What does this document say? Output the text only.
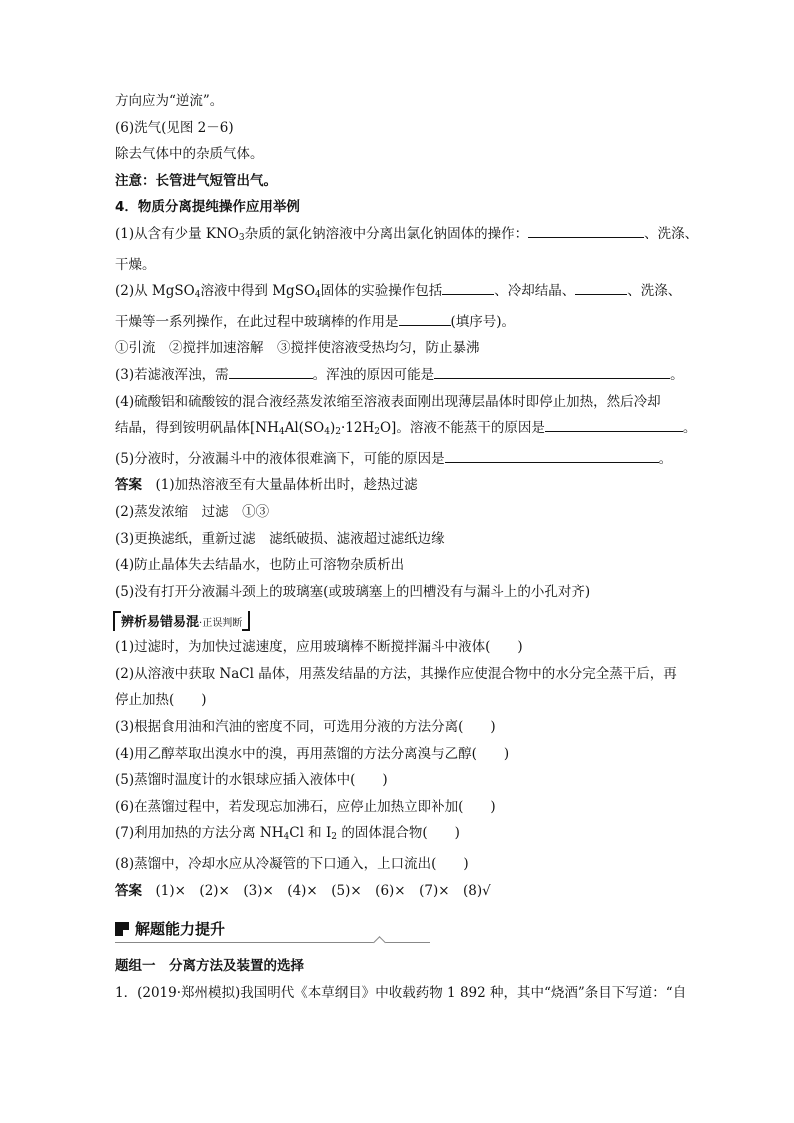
方向应为“逆流”。
(6)洗气(见图 2－6)
除去气体中的杂质气体。
注意：长管进气短管出气。
4．物质分离提纯操作应用举例
(1)从含有少量 $KNO_3$杂质的氯化钠溶液中分离出氯化钠固体的操作：	、洗涤、
干燥。
(2)从 MgSO$_4$溶液中得到 MgSO$_4$固体的实验操作包括	、冷却结晶、	、洗涤、
干燥等一系列操作，在此过程中玻璃棒的作用是	(填序号)。
①引流　②搅拌加速溶解　③搅拌使溶液受热均匀，防止暴沸
(3)若滤液浑浊，需	。浑浊的原因可能是	。
(4)硫酸铝和硫酸铵的混合液经蒸发浓缩至溶液表面刚出现薄层晶体时即停止加热，然后冷却
结晶，得到铵明矾晶体$[NH_4Al(SO_4)_2\cdot 12H_2O]$。溶液不能蒸干的原因是	。
(5)分液时，分液漏斗中的液体很难滴下，可能的原因是	。
答案　 (1)加热溶液至有大量晶体析出时，趁热过滤
(2)蒸发浓缩　过滤　①③
(3)更换滤纸，重新过滤　滤纸破损、滤液超过滤纸边缘
(4)防止晶体失去结晶水，也防止可溶物杂质析出
(5)没有打开分液漏斗颈上的玻璃塞(或玻璃塞上的凹槽没有与漏斗上的小孔对齐)
辨析易错易混·正误判断
(1)过滤时，为加快过滤速度，应用玻璃棒不断搅拌漏斗中液体(　　)
(2)从溶液中获取 NaCl 晶体，用蒸发结晶的方法，其操作应使混合物中的水分完全蒸干后，再
停止加热(　　)
(3)根据食用油和汽油的密度不同，可选用分液的方法分离(　　)
(4)用乙醇萃取出溴水中的溴，再用蒸馏的方法分离溴与乙醇(　　)
(5)蒸馏时温度计的水银球应插入液体中(　　)
(6)在蒸馏过程中，若发现忘加沸石，应停止加热立即补加(　　)
(7)利用加热的方法分离 $NH_4Cl$ 和 $I_2$ 的固体混合物(　　)
(8)蒸馏中，冷却水应从冷凝管的下口通入，上口流出(　　)
答案　 (1)×　(2)×　(3)×　(4)×　(5)×　(6)×　(7)×　(8)√
解题能力提升
题组一　分离方法及装置的选择
1．(2019·郑州模拟)我国明代《本草纲目》中收载药物 1 892 种，其中“烧酒”条目下写道：“自
